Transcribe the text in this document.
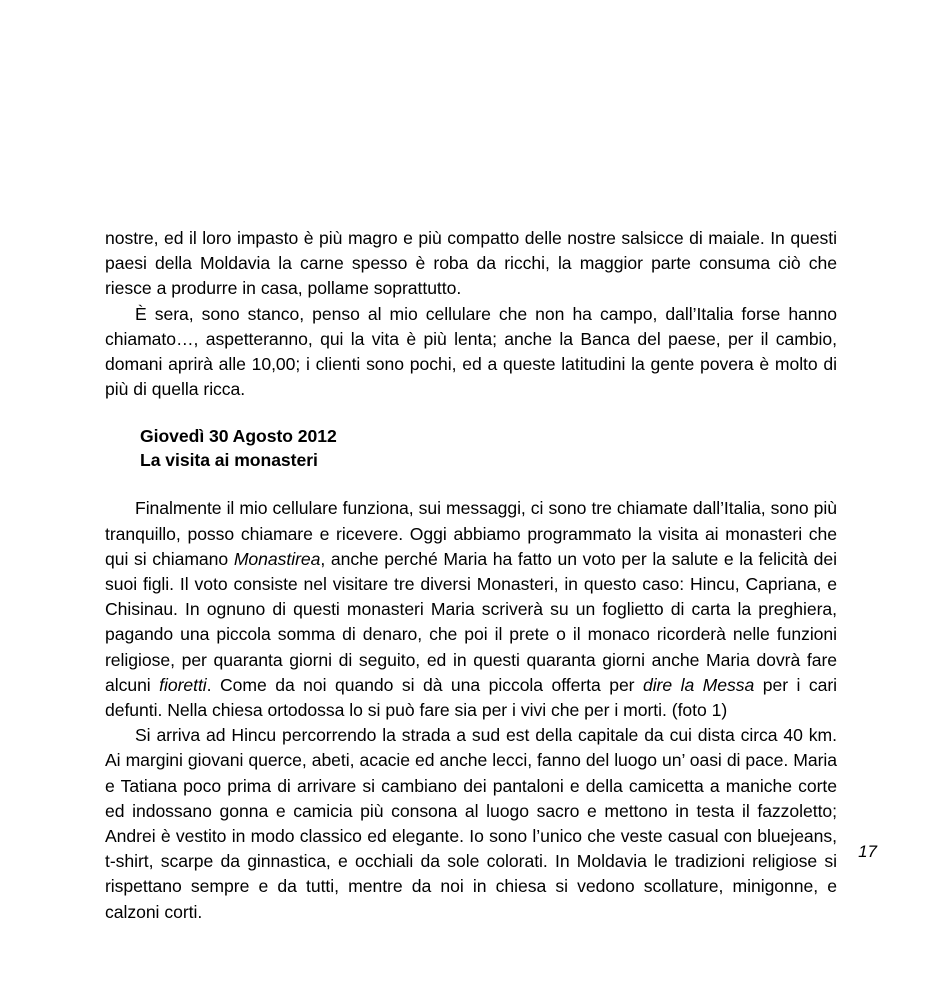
nostre, ed il loro impasto è più magro e più compatto delle nostre salsicce di maiale. In questi paesi della Moldavia la carne spesso è roba da ricchi, la maggior parte consuma ciò che riesce a produrre in casa, pollame soprattutto.

È sera, sono stanco, penso al mio cellulare che non ha campo, dall’Italia forse hanno chiamato…, aspetteranno, qui la vita è più lenta; anche la Banca del paese, per il cambio, domani aprirà alle 10,00; i clienti sono pochi, ed a queste latitudini la gente povera è molto di più di quella ricca.

Giovedì 30 Agosto 2012
La visita ai monasteri

Finalmente il mio cellulare funziona, sui messaggi, ci sono tre chiamate dall’Italia, sono più tranquillo, posso chiamare e ricevere. Oggi abbiamo programmato la visita ai monasteri che qui si chiamano Monastirea, anche perché Maria ha fatto un voto per la salute e la felicità dei suoi figli. Il voto consiste nel visitare tre diversi Monasteri, in questo caso: Hincu, Capriana, e Chisinau. In ognuno di questi monasteri Maria scriverà su un foglietto di carta la preghiera, pagando una piccola somma di denaro, che poi il prete o il monaco ricorderà nelle funzioni religiose, per quaranta giorni di seguito, ed in questi quaranta giorni anche Maria dovrà fare alcuni fioretti. Come da noi quando si dà una piccola offerta per dire la Messa per i cari defunti. Nella chiesa ortodossa lo si può fare sia per i vivi che per i morti. (foto 1)

Si arriva ad Hincu percorrendo la strada a sud est della capitale da cui dista circa 40 km. Ai margini giovani querce, abeti, acacie ed anche lecci, fanno del luogo un’ oasi di pace. Maria e Tatiana poco prima di arrivare si cambiano dei pantaloni e della camicetta a maniche corte ed indossano gonna e camicia più consona al luogo sacro e mettono in testa il fazzoletto; Andrei è vestito in modo classico ed elegante. Io sono l’unico che veste casual con bluejeans, t-shirt, scarpe da ginnastica, e occhiali da sole colorati. In Moldavia le tradizioni religiose si rispettano sempre e da tutti, mentre da noi in chiesa si vedono scollature, minigonne, e calzoni corti.

17
